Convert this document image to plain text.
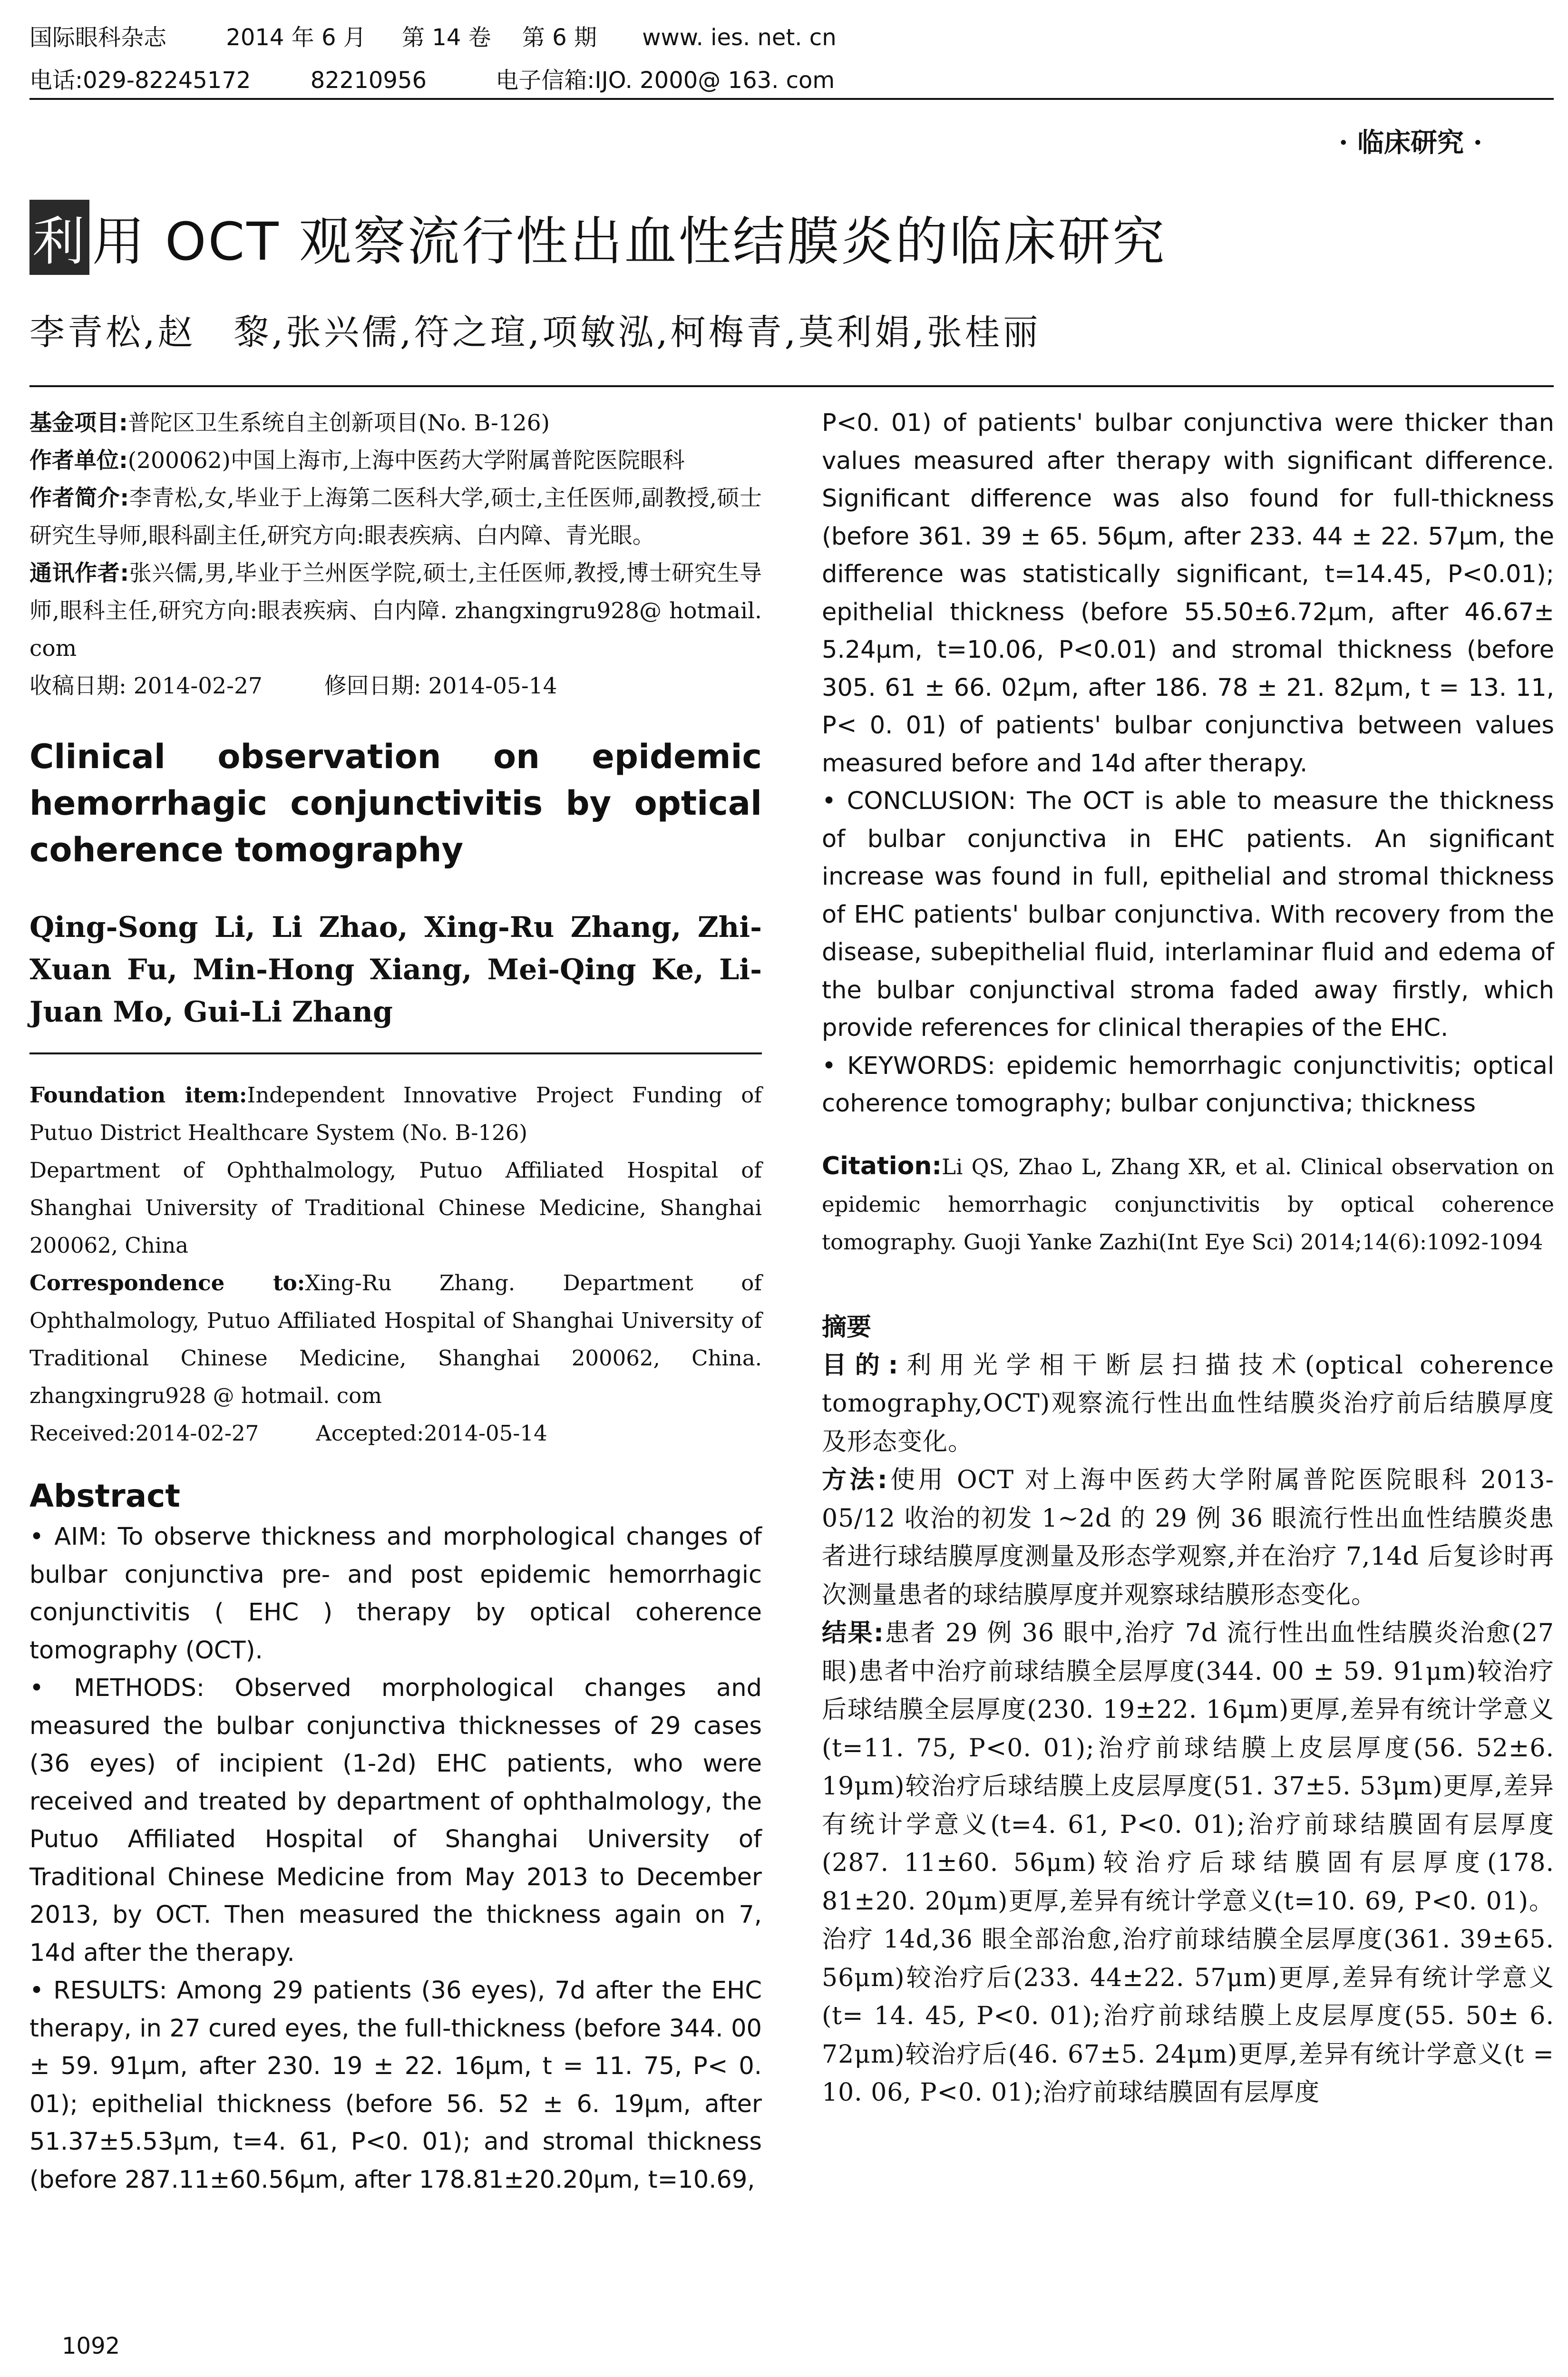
国际眼科杂志	2014 年 6 月 第 14 卷 第 6 期 www. ies. net. cn
电话:029-82245172	82210956	电子信箱:IJO. 2000@ 163. com
· 临床研究 ·
利 用 OCT 观察流行性出血性结膜炎的临床研究
李青松,赵　黎,张兴儒,符之瑄,项敏泓,柯梅青,莫利娟,张桂丽

基金项目:普陀区卫生系统自主创新项目(No. B-126)

作者单位:(200062)中国上海市,上海中医药大学附属普陀医院眼科

作者简介:李青松,女,毕业于上海第二医科大学,硕士,主任医师,副教授,硕士研究生导师,眼科副主任,研究方向:眼表疾病、白内障、青光眼。

通讯作者:张兴儒,男,毕业于兰州医学院,硕士,主任医师,教授,博士研究生导师,眼科主任,研究方向:眼表疾病、白内障. zhangxingru928@ hotmail. com

收稿日期: 2014-02-27	修回日期: 2014-05-14

Clinical observation on epidemic hemorrhagic conjunctivitis by optical coherence tomography
Qing-Song Li, Li Zhao, Xing-Ru Zhang, Zhi-Xuan Fu, Min-Hong Xiang, Mei-Qing Ke, Li-Juan Mo, Gui-Li Zhang

Foundation item:Independent Innovative Project Funding of Putuo District Healthcare System (No. B-126)

Department of Ophthalmology, Putuo Affiliated Hospital of Shanghai University of Traditional Chinese Medicine, Shanghai 200062, China

Correspondence to:Xing-Ru Zhang. Department of Ophthalmology, Putuo Affiliated Hospital of Shanghai University of Traditional Chinese Medicine, Shanghai 200062, China. zhangxingru928 @ hotmail. com

Received:2014-02-27	Accepted:2014-05-14

Abstract

• AIM: To observe thickness and morphological changes of bulbar conjunctiva pre- and post epidemic hemorrhagic conjunctivitis ( EHC ) therapy by optical coherence tomography (OCT).

• METHODS: Observed morphological changes and measured the bulbar conjunctiva thicknesses of 29 cases (36 eyes) of incipient (1-2d) EHC patients, who were received and treated by department of ophthalmology, the Putuo Affiliated Hospital of Shanghai University of Traditional Chinese Medicine from May 2013 to December 2013, by OCT. Then measured the thickness again on 7, 14d after the therapy.

• RESULTS: Among 29 patients (36 eyes), 7d after the EHC therapy, in 27 cured eyes, the full-thickness (before 344. 00 ± 59. 91μm, after 230. 19 ± 22. 16μm, t = 11. 75, P< 0. 01); epithelial thickness (before 56. 52 ± 6. 19μm, after 51.37±5.53μm, t=4. 61, P<0. 01); and stromal thickness (before 287.11±60.56μm, after 178.81±20.20μm, t=10.69,

P<0. 01) of patients' bulbar conjunctiva were thicker than values measured after therapy with significant difference. Significant difference was also found for full-thickness (before 361. 39 ± 65. 56μm, after 233. 44 ± 22. 57μm, the difference was statistically significant, t=14.45, P<0.01); epithelial thickness (before 55.50±6.72μm, after 46.67± 5.24μm, t=10.06, P<0.01) and stromal thickness (before 305. 61 ± 66. 02μm, after 186. 78 ± 21. 82μm, t = 13. 11, P< 0. 01) of patients' bulbar conjunctiva between values measured before and 14d after therapy.

• CONCLUSION: The OCT is able to measure the thickness of bulbar conjunctiva in EHC patients. An significant increase was found in full, epithelial and stromal thickness of EHC patients' bulbar conjunctiva. With recovery from the disease, subepithelial fluid, interlaminar fluid and edema of the bulbar conjunctival stroma faded away firstly, which provide references for clinical therapies of the EHC.

• KEYWORDS: epidemic hemorrhagic conjunctivitis; optical coherence tomography; bulbar conjunctiva; thickness

Citation:Li QS, Zhao L, Zhang XR, et al. Clinical observation on epidemic hemorrhagic conjunctivitis by optical coherence tomography. Guoji Yanke Zazhi(Int Eye Sci) 2014;14(6):1092-1094
摘要

目的:利用光学相干断层扫描技术(optical coherence tomography,OCT)观察流行性出血性结膜炎治疗前后结膜厚度及形态变化。

方法:使用 OCT 对上海中医药大学附属普陀医院眼科 2013-05/12 收治的初发 1~2d 的 29 例 36 眼流行性出血性结膜炎患者进行球结膜厚度测量及形态学观察,并在治疗 7,14d 后复诊时再次测量患者的球结膜厚度并观察球结膜形态变化。

结果:患者 29 例 36 眼中,治疗 7d 流行性出血性结膜炎治愈(27 眼)患者中治疗前球结膜全层厚度(344. 00 ± 59. 91μm)较治疗后球结膜全层厚度(230. 19±22. 16μm)更厚,差异有统计学意义(t=11. 75, P<0. 01);治疗前球结膜上皮层厚度(56. 52±6. 19μm)较治疗后球结膜上皮层厚度(51. 37±5. 53μm)更厚,差异有统计学意义(t=4. 61, P<0. 01);治疗前球结膜固有层厚度(287. 11±60. 56μm)较治疗后球结膜固有层厚度(178. 81±20. 20μm)更厚,差异有统计学意义(t=10. 69, P<0. 01)。治疗 14d,36 眼全部治愈,治疗前球结膜全层厚度(361. 39±65. 56μm)较治疗后(233. 44±22. 57μm)更厚,差异有统计学意义(t= 14. 45, P<0. 01);治疗前球结膜上皮层厚度(55. 50± 6. 72μm)较治疗后(46. 67±5. 24μm)更厚,差异有统计学意义(t = 10. 06, P<0. 01);治疗前球结膜固有层厚度

1092
